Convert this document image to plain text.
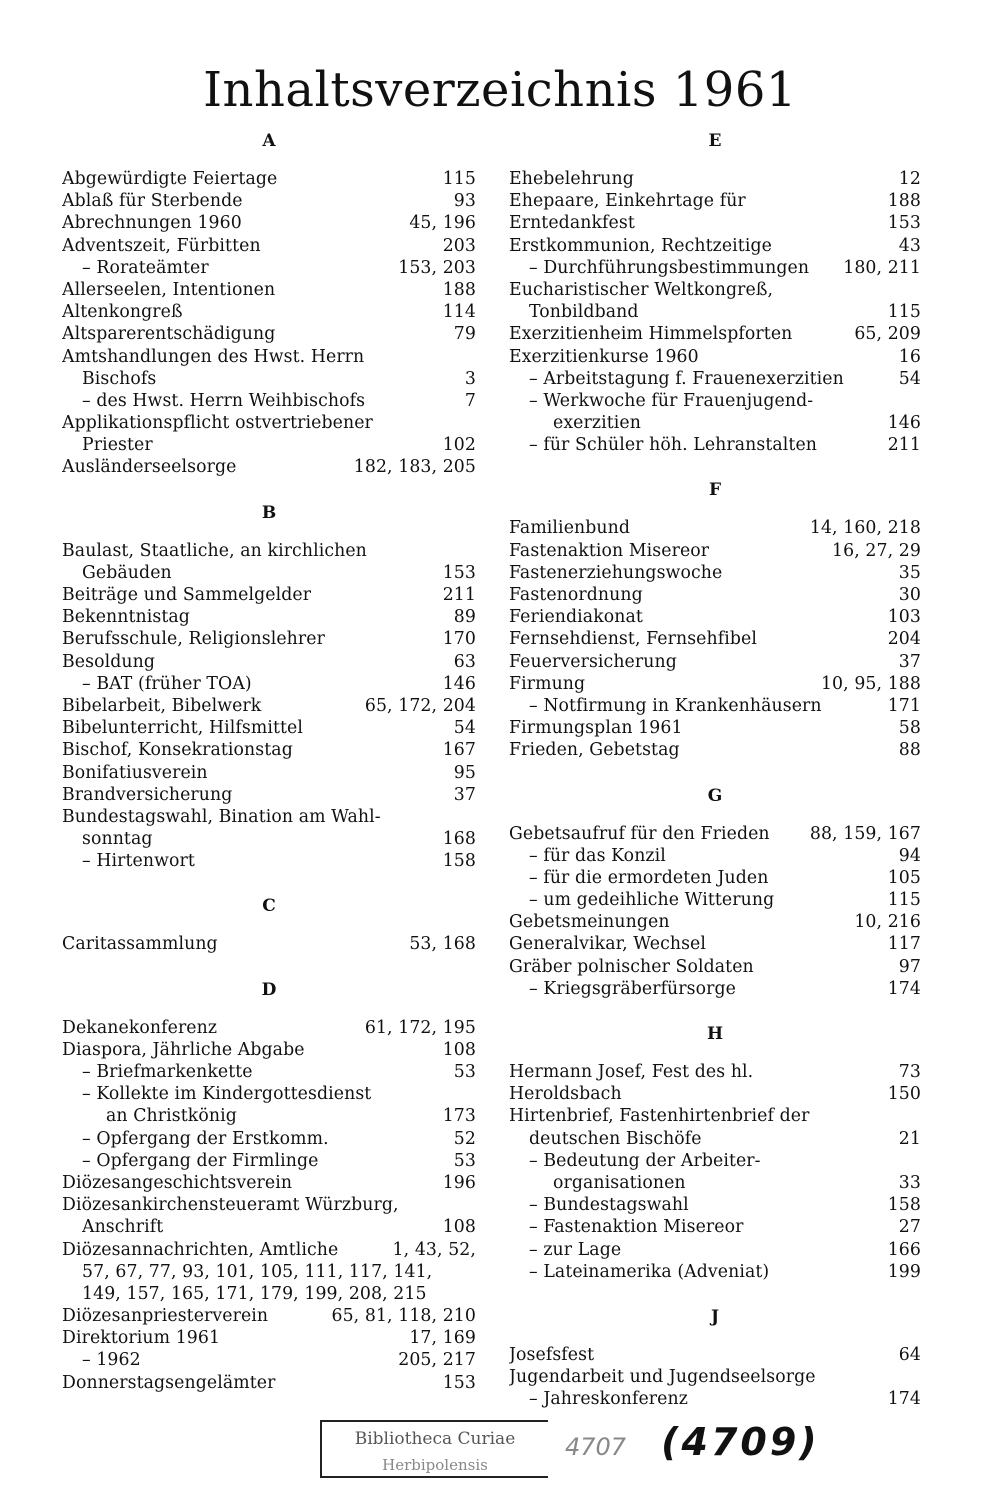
Inhaltsverzeichnis 1961
A
Abgewürdigte Feiertage	115
Ablaß für Sterbende	93
Abrechnungen 1960	45, 196
Adventszeit, Fürbitten	203
– Rorateämter	153, 203
Allerseelen, Intentionen	188
Altenkongreß	114
Altsparerentschädigung	79
Amtshandlungen des Hwst. Herrn
Bischofs	3
– des Hwst. Herrn Weihbischofs	7
Applikationspflicht ostvertriebener
Priester	102
Ausländerseelsorge	182, 183, 205
B
Baulast, Staatliche, an kirchlichen
Gebäuden	153
Beiträge und Sammelgelder	211
Bekenntnistag	89
Berufsschule, Religionslehrer	170
Besoldung	63
– BAT (früher TOA)	146
Bibelarbeit, Bibelwerk	65, 172, 204
Bibelunterricht, Hilfsmittel	54
Bischof, Konsekrationstag	167
Bonifatiusverein	95
Brandversicherung	37
Bundestagswahl, Bination am Wahl-
sonntag	168
– Hirtenwort	158
C
Caritassammlung	53, 168
D
Dekanekonferenz	61, 172, 195
Diaspora, Jährliche Abgabe	108
– Briefmarkenkette	53
– Kollekte im Kindergottesdienst
an Christkönig	173
– Opfergang der Erstkomm.	52
– Opfergang der Firmlinge	53
Diözesangeschichtsverein	196
Diözesankirchensteueramt Würzburg,
Anschrift	108
Diözesannachrichten, Amtliche	1, 43, 52,
57, 67, 77, 93, 101, 105, 111, 117, 141,
149, 157, 165, 171, 179, 199, 208, 215
Diözesanpriesterverein	65, 81, 118, 210
Direktorium 1961	17, 169
– 1962	205, 217
Donnerstagsengelämter	153
E
Ehebelehrung	12
Ehepaare, Einkehrtage für	188
Erntedankfest	153
Erstkommunion, Rechtzeitige	43
– Durchführungsbestimmungen	180, 211
Eucharistischer Weltkongreß,
Tonbildband	115
Exerzitienheim Himmelspforten	65, 209
Exerzitienkurse 1960	16
– Arbeitstagung f. Frauenexerzitien	54
– Werkwoche für Frauenjugend-
exerzitien	146
– für Schüler höh. Lehranstalten	211
F
Familienbund	14, 160, 218
Fastenaktion Misereor	16, 27, 29
Fastenerziehungswoche	35
Fastenordnung	30
Feriendiakonat	103
Fernsehdienst, Fernsehfibel	204
Feuerversicherung	37
Firmung	10, 95, 188
– Notfirmung in Krankenhäusern	171
Firmungsplan 1961	58
Frieden, Gebetstag	88
G
Gebetsaufruf für den Frieden	88, 159, 167
– für das Konzil	94
– für die ermordeten Juden	105
– um gedeihliche Witterung	115
Gebetsmeinungen	10, 216
Generalvikar, Wechsel	117
Gräber polnischer Soldaten	97
– Kriegsgräberfürsorge	174
H
Hermann Josef, Fest des hl.	73
Heroldsbach	150
Hirtenbrief, Fastenhirtenbrief der
deutschen Bischöfe	21
– Bedeutung der Arbeiter-
organisationen	33
– Bundestagswahl	158
– Fastenaktion Misereor	27
– zur Lage	166
– Lateinamerika (Adveniat)	199
J
Josefsfest	64
Jugendarbeit und Jugendseelsorge
– Jahreskonferenz	174
Bibliotheca Curiae
Herbipolensis
4707 (4709)
